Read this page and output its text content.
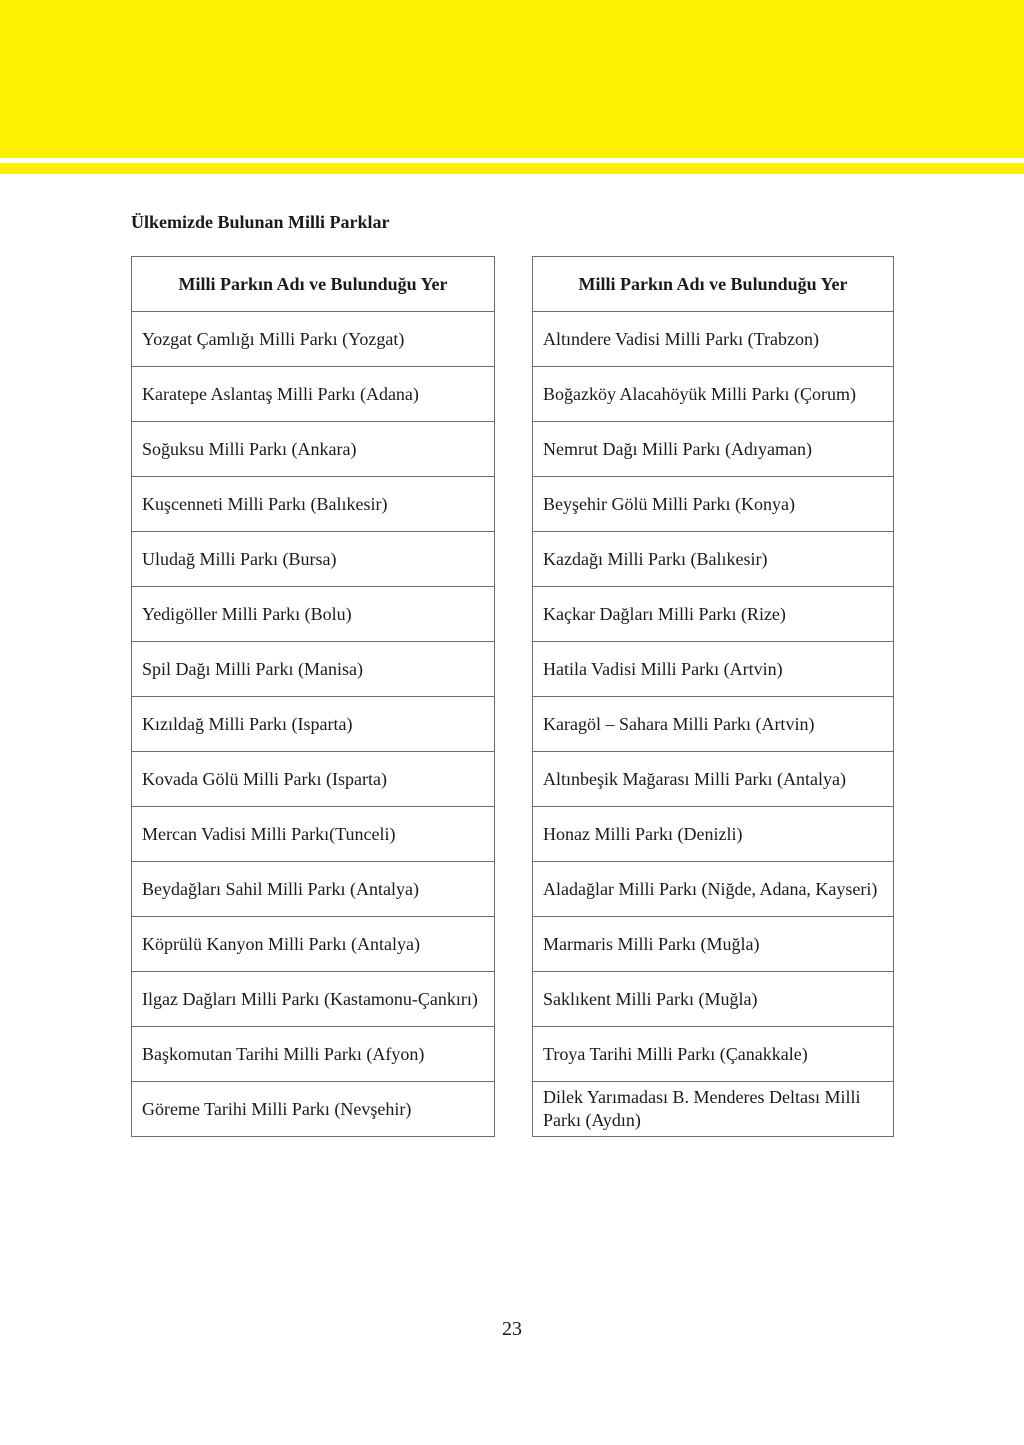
Ülkemizde Bulunan Milli Parklar
Milli Parkın Adı ve Bulunduğu Yer
Yozgat Çamlığı Milli Parkı (Yozgat)
Karatepe Aslantaş Milli Parkı (Adana)
Soğuksu Milli Parkı (Ankara)
Kuşcenneti Milli Parkı (Balıkesir)
Uludağ Milli Parkı (Bursa)
Yedigöller Milli Parkı (Bolu)
Spil Dağı Milli Parkı (Manisa)
Kızıldağ Milli Parkı (Isparta)
Kovada Gölü Milli Parkı (Isparta)
Mercan Vadisi Milli Parkı(Tunceli)
Beydağları Sahil Milli Parkı (Antalya)
Köprülü Kanyon Milli Parkı (Antalya)
Ilgaz Dağları Milli Parkı (Kastamonu-Çankırı)
Başkomutan Tarihi Milli Parkı (Afyon)
Göreme Tarihi Milli Parkı (Nevşehir)
Milli Parkın Adı ve Bulunduğu Yer
Altındere Vadisi Milli Parkı (Trabzon)
Boğazköy Alacahöyük Milli Parkı (Çorum)
Nemrut Dağı Milli Parkı (Adıyaman)
Beyşehir Gölü Milli Parkı (Konya)
Kazdağı Milli Parkı (Balıkesir)
Kaçkar Dağları Milli Parkı (Rize)
Hatila Vadisi Milli Parkı (Artvin)
Karagöl – Sahara Milli Parkı (Artvin)
Altınbeşik Mağarası Milli Parkı (Antalya)
Honaz Milli Parkı (Denizli)
Aladağlar Milli Parkı (Niğde, Adana, Kayseri)
Marmaris Milli Parkı (Muğla)
Saklıkent Milli Parkı (Muğla)
Troya Tarihi Milli Parkı (Çanakkale)
Dilek Yarımadası B. Menderes Deltası Milli Parkı (Aydın)
23
